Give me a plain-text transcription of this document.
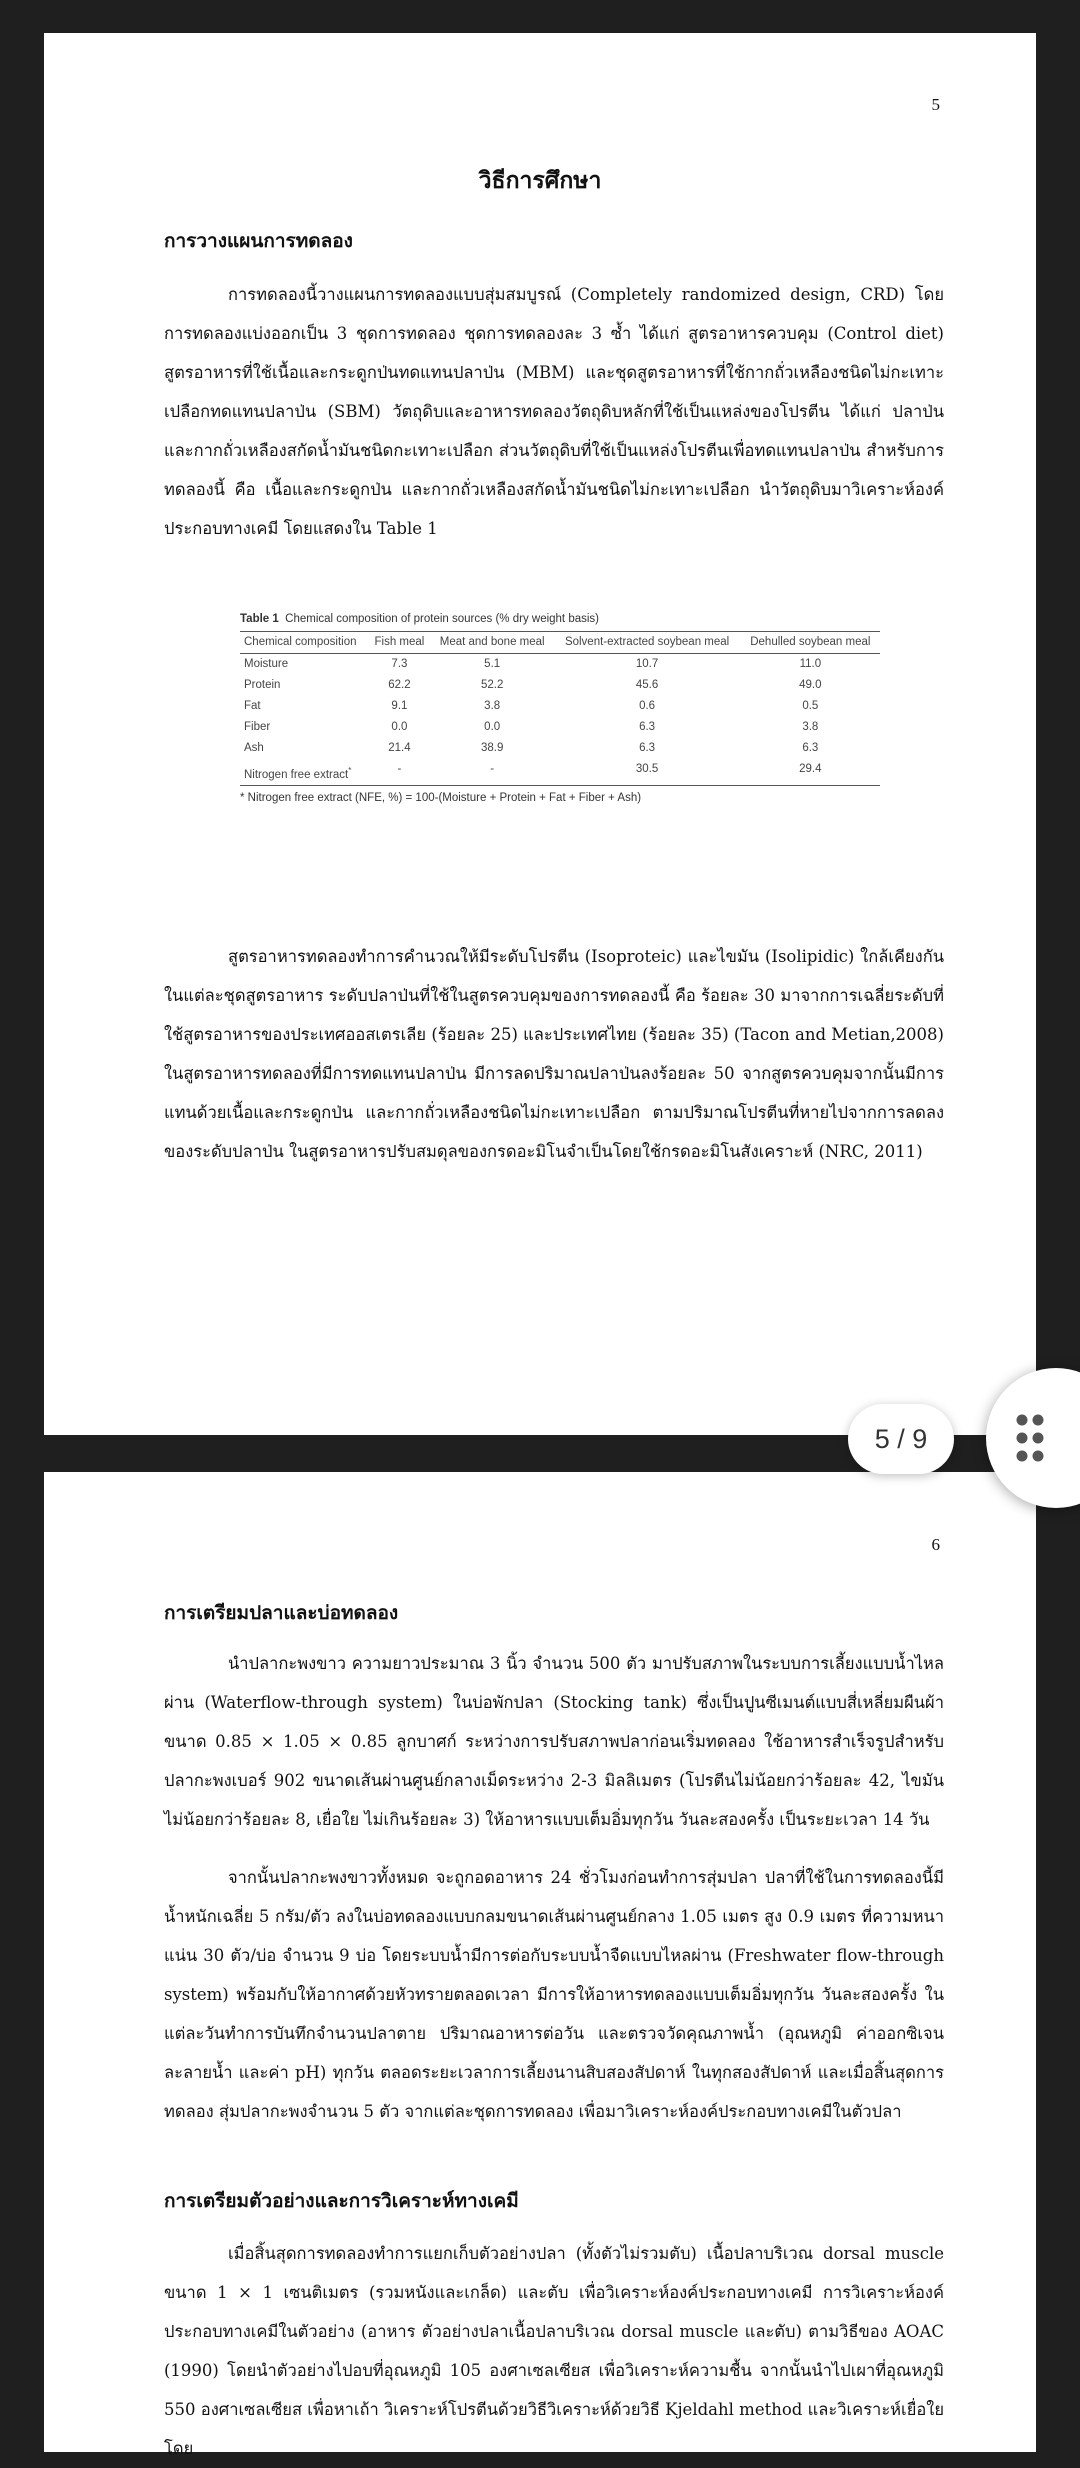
5
วิธีการศึกษา
การวางแผนการทดลอง

การทดลองนี้วางแผนการทดลองแบบสุ่มสมบูรณ์ (Completely randomized design, CRD) โดยการทดลองแบ่งออกเป็น 3 ชุดการทดลอง ชุดการทดลองละ 3 ซ้ำ ได้แก่ สูตรอาหารควบคุม (Control diet) สูตรอาหารที่ใช้เนื้อและกระดูกป่นทดแทนปลาป่น (MBM) และชุดสูตรอาหารที่ใช้กากถั่วเหลืองชนิดไม่กะเทาะเปลือกทดแทนปลาป่น (SBM) วัตถุดิบและอาหารทดลองวัตถุดิบหลักที่ใช้เป็นแหล่งของโปรตีน ได้แก่ ปลาป่น และกากถั่วเหลืองสกัดน้ำมันชนิดกะเทาะเปลือก ส่วนวัตถุดิบที่ใช้เป็นแหล่งโปรตีนเพื่อทดแทนปลาป่น สำหรับการทดลองนี้ คือ เนื้อและกระดูกป่น และกากถั่วเหลืองสกัดน้ำมันชนิดไม่กะเทาะเปลือก นำวัตถุดิบมาวิเคราะห์องค์ประกอบทางเคมี โดยแสดงใน Table 1

Table 1 Chemical composition of protein sources (% dry weight basis)
Chemical composition	Fish meal	Meat and bone meal	Solvent-extracted soybean meal	Dehulled soybean meal
Moisture	7.3	5.1	10.7	11.0
Protein	62.2	52.2	45.6	49.0
Fat	9.1	3.8	0.6	0.5
Fiber	0.0	0.0	6.3	3.8
Ash	21.4	38.9	6.3	6.3
Nitrogen free extract*	-	-	30.5	29.4
* Nitrogen free extract (NFE, %) = 100-(Moisture + Protein + Fat + Fiber + Ash)

สูตรอาหารทดลองทำการคำนวณให้มีระดับโปรตีน (Isoproteic) และไขมัน (Isolipidic) ใกล้เคียงกันในแต่ละชุดสูตรอาหาร ระดับปลาป่นที่ใช้ในสูตรควบคุมของการทดลองนี้ คือ ร้อยละ 30 มาจากการเฉลี่ยระดับที่ใช้สูตรอาหารของประเทศออสเตรเลีย (ร้อยละ 25) และประเทศไทย (ร้อยละ 35) (Tacon and Metian,2008) ในสูตรอาหารทดลองที่มีการทดแทนปลาป่น มีการลดปริมาณปลาป่นลงร้อยละ 50 จากสูตรควบคุมจากนั้นมีการแทนด้วยเนื้อและกระดูกป่น และกากถั่วเหลืองชนิดไม่กะเทาะเปลือก ตามปริมาณโปรตีนที่หายไปจากการลดลงของระดับปลาป่น ในสูตรอาหารปรับสมดุลของกรดอะมิโนจำเป็นโดยใช้กรดอะมิโนสังเคราะห์ (NRC, 2011)

6
การเตรียมปลาและบ่อทดลอง

นำปลากะพงขาว ความยาวประมาณ 3 นิ้ว จำนวน 500 ตัว มาปรับสภาพในระบบการเลี้ยงแบบน้ำไหลผ่าน (Waterflow-through system) ในบ่อพักปลา (Stocking tank) ซึ่งเป็นปูนซีเมนต์แบบสี่เหลี่ยมผืนผ้า ขนาด 0.85 × 1.05 × 0.85 ลูกบาศก์ ระหว่างการปรับสภาพปลาก่อนเริ่มทดลอง ใช้อาหารสำเร็จรูปสำหรับปลากะพงเบอร์ 902 ขนาดเส้นผ่านศูนย์กลางเม็ดระหว่าง 2-3 มิลลิเมตร (โปรตีนไม่น้อยกว่าร้อยละ 42, ไขมันไม่น้อยกว่าร้อยละ 8, เยื่อใย ไม่เกินร้อยละ 3) ให้อาหารแบบเต็มอิ่มทุกวัน วันละสองครั้ง เป็นระยะเวลา 14 วัน

จากนั้นปลากะพงขาวทั้งหมด จะถูกอดอาหาร 24 ชั่วโมงก่อนทำการสุ่มปลา ปลาที่ใช้ในการทดลองนี้มีน้ำหนักเฉลี่ย 5 กรัม/ตัว ลงในบ่อทดลองแบบกลมขนาดเส้นผ่านศูนย์กลาง 1.05 เมตร สูง 0.9 เมตร ที่ความหนาแน่น 30 ตัว/บ่อ จำนวน 9 บ่อ โดยระบบน้ำมีการต่อกับระบบน้ำจืดแบบไหลผ่าน (Freshwater flow-through system) พร้อมกับให้อากาศด้วยหัวทรายตลอดเวลา มีการให้อาหารทดลองแบบเต็มอิ่มทุกวัน วันละสองครั้ง ในแต่ละวันทำการบันทึกจำนวนปลาตาย ปริมาณอาหารต่อวัน และตรวจวัดคุณภาพน้ำ (อุณหภูมิ ค่าออกซิเจนละลายน้ำ และค่า pH) ทุกวัน ตลอดระยะเวลาการเลี้ยงนานสิบสองสัปดาห์ ในทุกสองสัปดาห์ และเมื่อสิ้นสุดการทดลอง สุ่มปลากะพงจำนวน 5 ตัว จากแต่ละชุดการทดลอง เพื่อมาวิเคราะห์องค์ประกอบทางเคมีในตัวปลา

การเตรียมตัวอย่างและการวิเคราะห์ทางเคมี

เมื่อสิ้นสุดการทดลองทำการแยกเก็บตัวอย่างปลา (ทั้งตัวไม่รวมตับ) เนื้อปลาบริเวณ dorsal muscle ขนาด 1 × 1 เซนติเมตร (รวมหนังและเกล็ด) และตับ เพื่อวิเคราะห์องค์ประกอบทางเคมี การวิเคราะห์องค์ประกอบทางเคมีในตัวอย่าง (อาหาร ตัวอย่างปลาเนื้อปลาบริเวณ dorsal muscle และตับ) ตามวิธีของ AOAC (1990) โดยนำตัวอย่างไปอบที่อุณหภูมิ 105 องศาเซลเซียส เพื่อวิเคราะห์ความชื้น จากนั้นนำไปเผาที่อุณหภูมิ 550 องศาเซลเซียส เพื่อหาเถ้า วิเคราะห์โปรตีนด้วยวิธีวิเคราะห์ด้วยวิธี Kjeldahl method และวิเคราะห์เยื่อใยโดย

5 / 9
